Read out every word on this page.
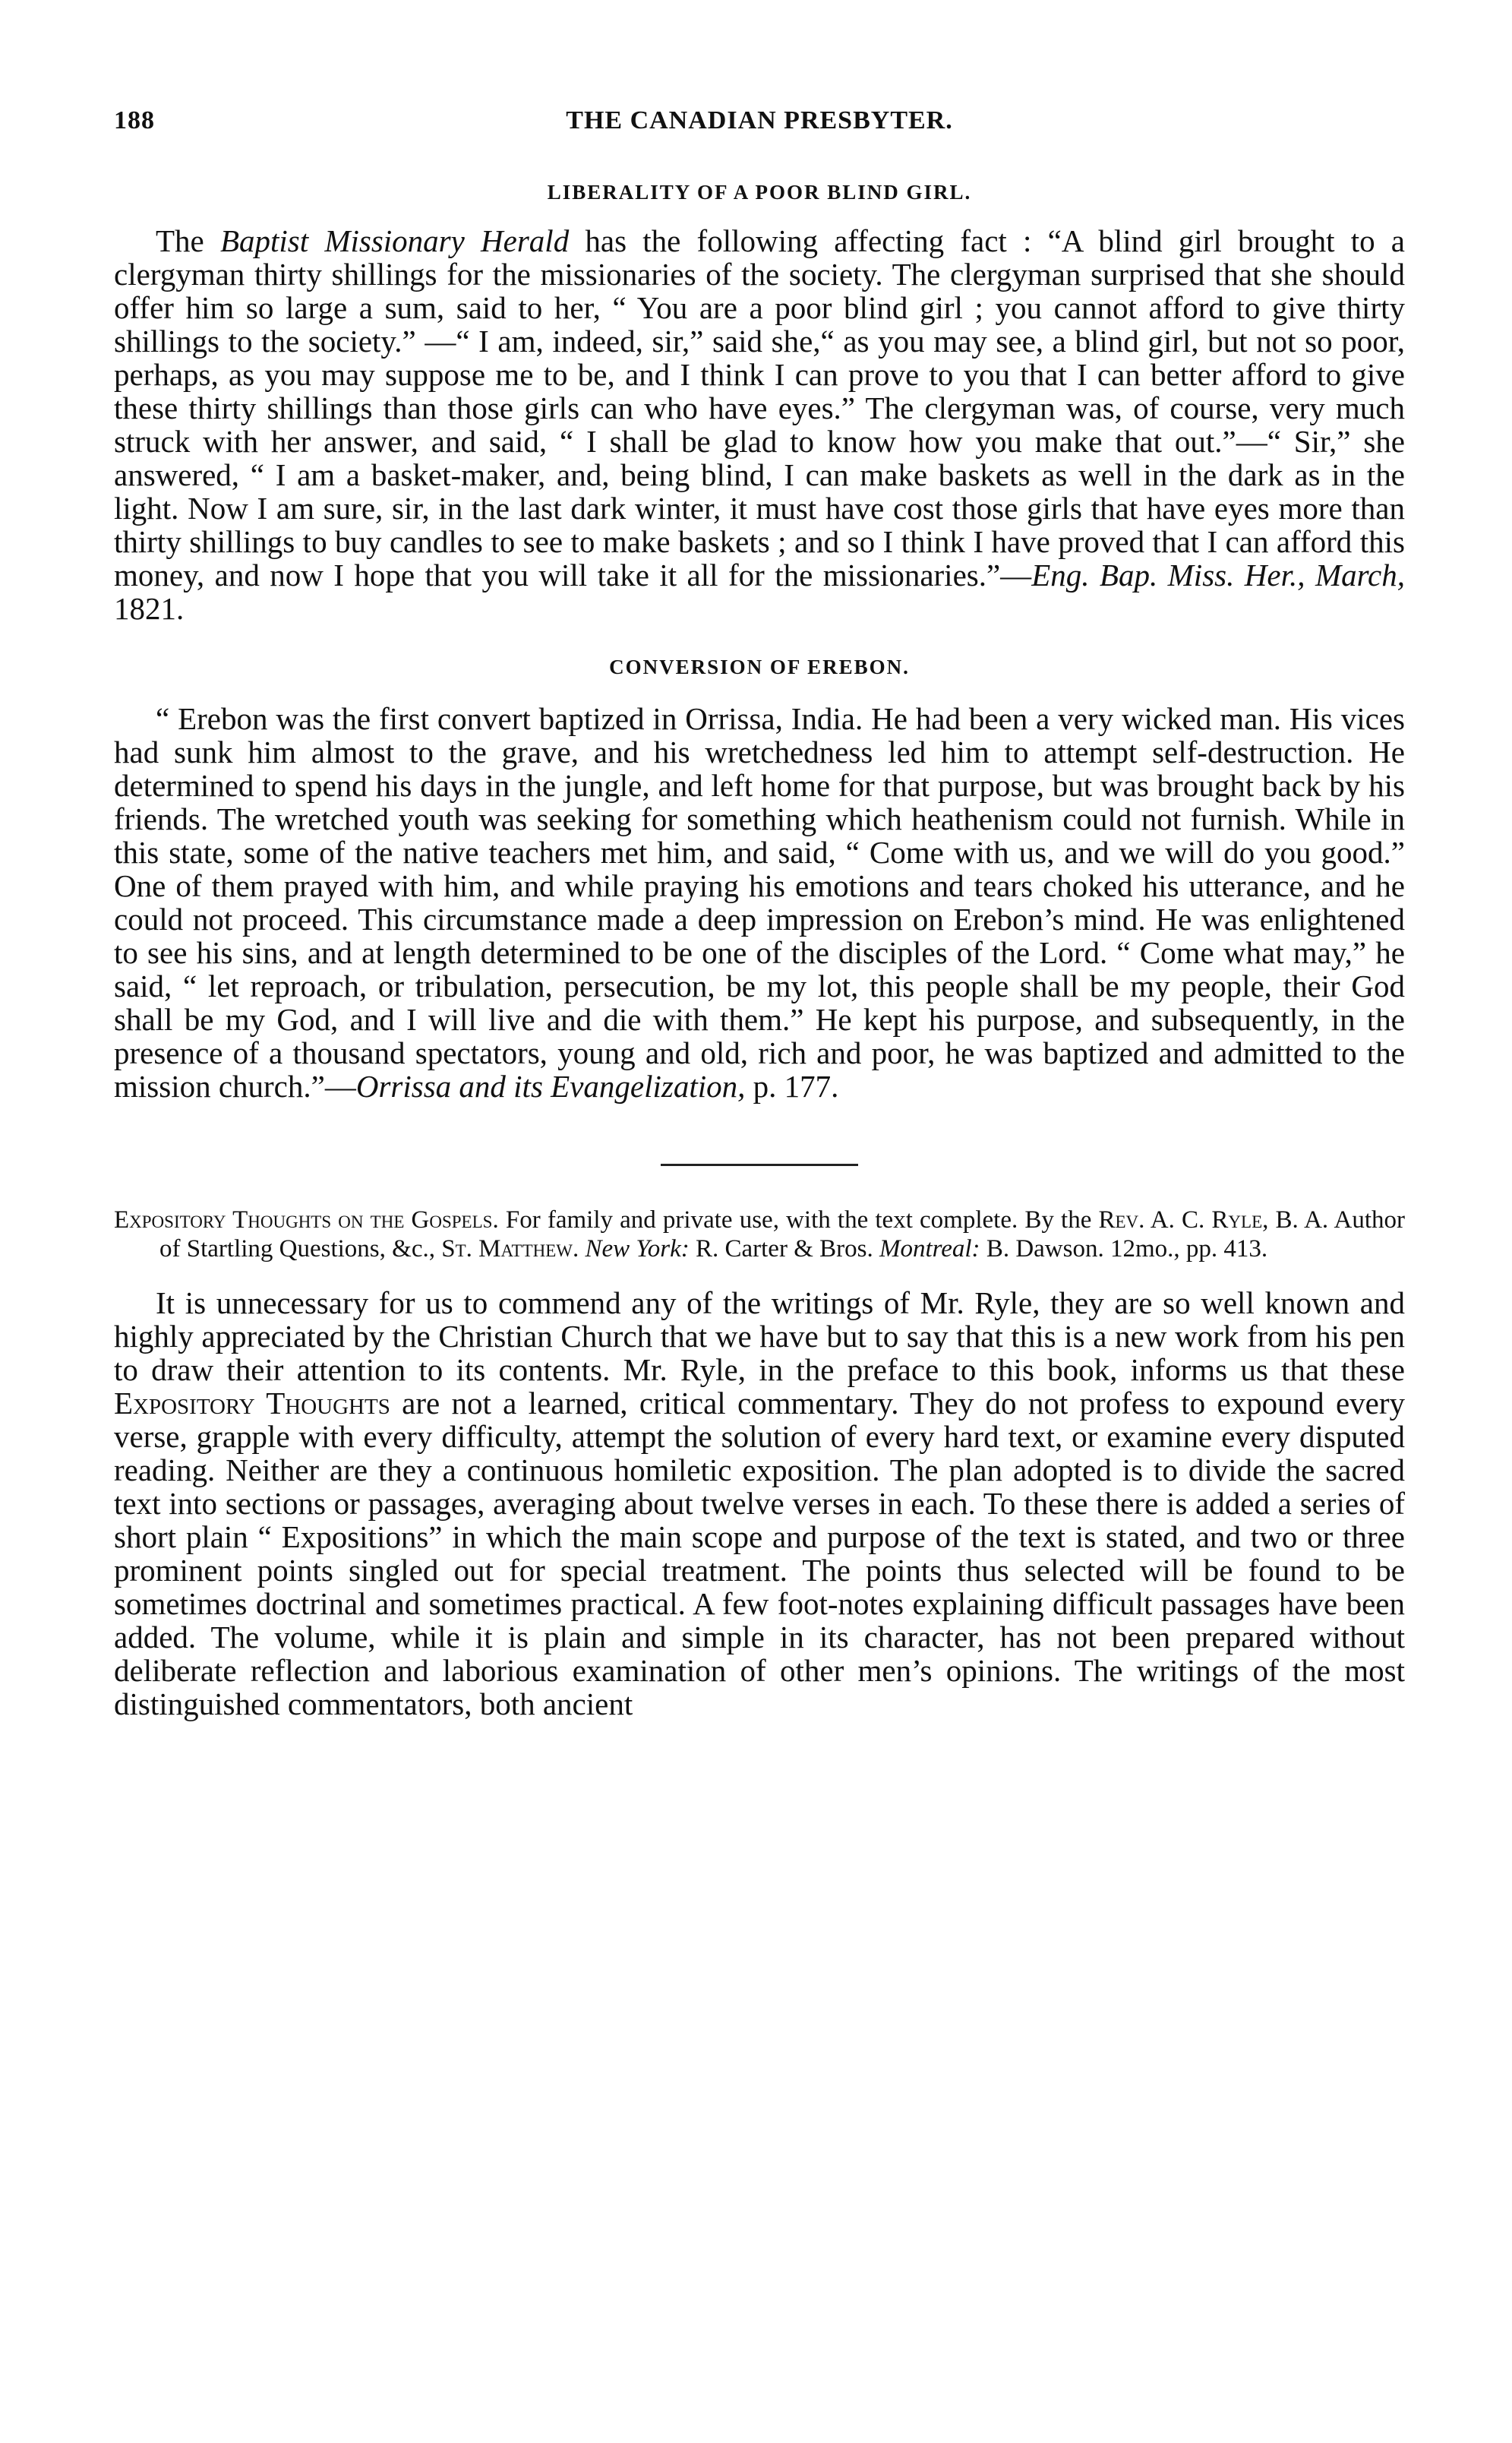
188	THE CANADIAN PRESBYTER.
LIBERALITY OF A POOR BLIND GIRL.

The Baptist Missionary Herald has the following affecting fact : “A blind girl brought to a clergyman thirty shillings for the missionaries of the society. The clergyman surprised that she should offer him so large a sum, said to her, “ You are a poor blind girl ; you cannot afford to give thirty shillings to the society.” —“ I am, indeed, sir,” said she,“ as you may see, a blind girl, but not so poor, perhaps, as you may suppose me to be, and I think I can prove to you that I can better afford to give these thirty shillings than those girls can who have eyes.” The clergyman was, of course, very much struck with her answer, and said, “ I shall be glad to know how you make that out.”—“ Sir,” she answered, “ I am a basket-maker, and, being blind, I can make baskets as well in the dark as in the light. Now I am sure, sir, in the last dark winter, it must have cost those girls that have eyes more than thirty shillings to buy candles to see to make baskets ; and so I think I have proved that I can afford this money, and now I hope that you will take it all for the missionaries.”—Eng. Bap. Miss. Her., March, 1821.

CONVERSION OF EREBON.

“ Erebon was the first convert baptized in Orrissa, India. He had been a very wicked man. His vices had sunk him almost to the grave, and his wretchedness led him to attempt self-destruction. He determined to spend his days in the jungle, and left home for that purpose, but was brought back by his friends. The wretched youth was seeking for something which heathenism could not furnish. While in this state, some of the native teachers met him, and said, “ Come with us, and we will do you good.” One of them prayed with him, and while praying his emotions and tears choked his utterance, and he could not proceed. This circumstance made a deep impression on Erebon’s mind. He was enlightened to see his sins, and at length determined to be one of the disciples of the Lord. “ Come what may,” he said, “ let reproach, or tribulation, persecution, be my lot, this people shall be my people, their God shall be my God, and I will live and die with them.” He kept his purpose, and subsequently, in the presence of a thousand spectators, young and old, rich and poor, he was baptized and admitted to the mission church.”—Orrissa and its Evangelization, p. 177.

Expository Thoughts on the Gospels. For family and private use, with the text complete. By the Rev. A. C. Ryle, B. A. Author of Startling Questions, &c., St. Matthew. New York: R. Carter & Bros. Montreal: B. Dawson. 12mo., pp. 413.

It is unnecessary for us to commend any of the writings of Mr. Ryle, they are so well known and highly appreciated by the Christian Church that we have but to say that this is a new work from his pen to draw their attention to its contents. Mr. Ryle, in the preface to this book, informs us that these Expository Thoughts are not a learned, critical commentary. They do not profess to expound every verse, grapple with every difficulty, attempt the solution of every hard text, or examine every disputed reading. Neither are they a continuous homiletic exposition. The plan adopted is to divide the sacred text into sections or passages, averaging about twelve verses in each. To these there is added a series of short plain “ Expositions” in which the main scope and purpose of the text is stated, and two or three prominent points singled out for special treatment. The points thus selected will be found to be sometimes doctrinal and sometimes practical. A few foot-notes explaining difficult passages have been added. The volume, while it is plain and simple in its character, has not been prepared without deliberate reflection and laborious examination of other men’s opinions. The writings of the most distinguished commentators, both ancient
